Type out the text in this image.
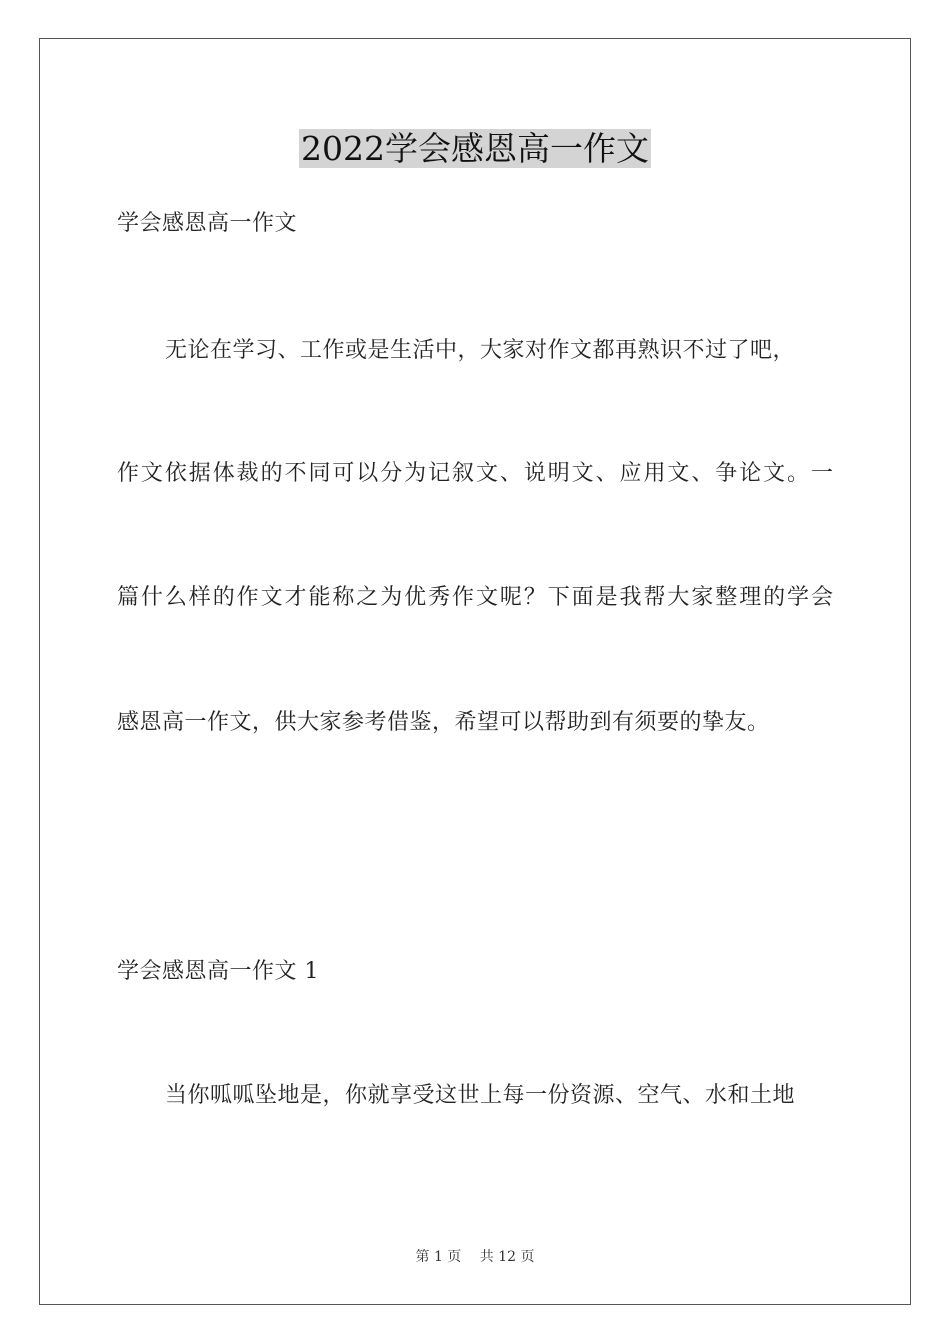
2022学会感恩高一作文
学会感恩高一作文
无论在学习、工作或是生活中，大家对作文都再熟识不过了吧，
作文依据体裁的不同可以分为记叙文、说明文、应用文、争论文。一
篇什么样的作文才能称之为优秀作文呢？下面是我帮大家整理的学会
感恩高一作文，供大家参考借鉴，希望可以帮助到有须要的挚友。
学会感恩高一作文 1
当你呱呱坠地是，你就享受这世上每一份资源、空气、水和土地
第 1 页 共 12 页
